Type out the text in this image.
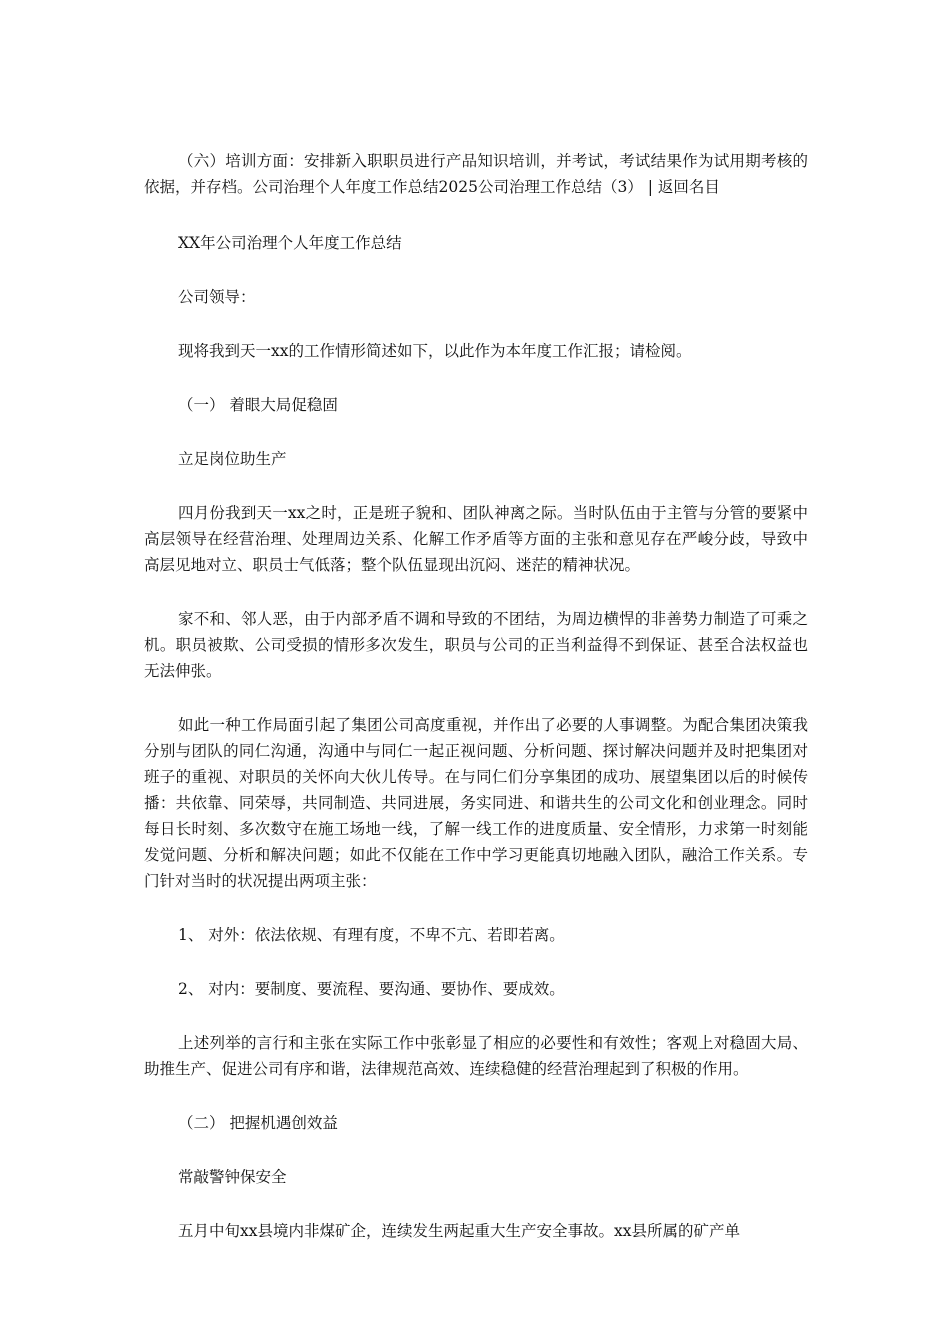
（六）培训方面：安排新入职职员进行产品知识培训，并考试，考试结果作为试用期考核的依据，并存档。公司治理个人年度工作总结2025公司治理工作总结（3） | 返回名目

XX年公司治理个人年度工作总结

公司领导：

现将我到天一xx的工作情形简述如下，以此作为本年度工作汇报；请检阅。

（一） 着眼大局促稳固

立足岗位助生产

四月份我到天一xx之时，正是班子貌和、团队神离之际。当时队伍由于主管与分管的要紧中高层领导在经营治理、处理周边关系、化解工作矛盾等方面的主张和意见存在严峻分歧，导致中高层见地对立、职员士气低落；整个队伍显现出沉闷、迷茫的精神状况。

家不和、邻人恶，由于内部矛盾不调和导致的不团结，为周边横悍的非善势力制造了可乘之机。职员被欺、公司受损的情形多次发生，职员与公司的正当利益得不到保证、甚至合法权益也无法伸张。

如此一种工作局面引起了集团公司高度重视，并作出了必要的人事调整。为配合集团决策我分别与团队的同仁沟通，沟通中与同仁一起正视问题、分析问题、探讨解决问题并及时把集团对班子的重视、对职员的关怀向大伙儿传导。在与同仁们分享集团的成功、展望集团以后的时候传播：共依靠、同荣辱，共同制造、共同进展，务实同进、和谐共生的公司文化和创业理念。同时每日长时刻、多次数守在施工场地一线，了解一线工作的进度质量、安全情形，力求第一时刻能发觉问题、分析和解决问题；如此不仅能在工作中学习更能真切地融入团队，融洽工作关系。专门针对当时的状况提出两项主张：

1、 对外：依法依规、有理有度，不卑不亢、若即若离。

2、 对内：要制度、要流程、要沟通、要协作、要成效。

上述列举的言行和主张在实际工作中张彰显了相应的必要性和有效性；客观上对稳固大局、助推生产、促进公司有序和谐，法律规范高效、连续稳健的经营治理起到了积极的作用。

（二） 把握机遇创效益

常敲警钟保安全

五月中旬xx县境内非煤矿企，连续发生两起重大生产安全事故。xx县所属的矿产单
